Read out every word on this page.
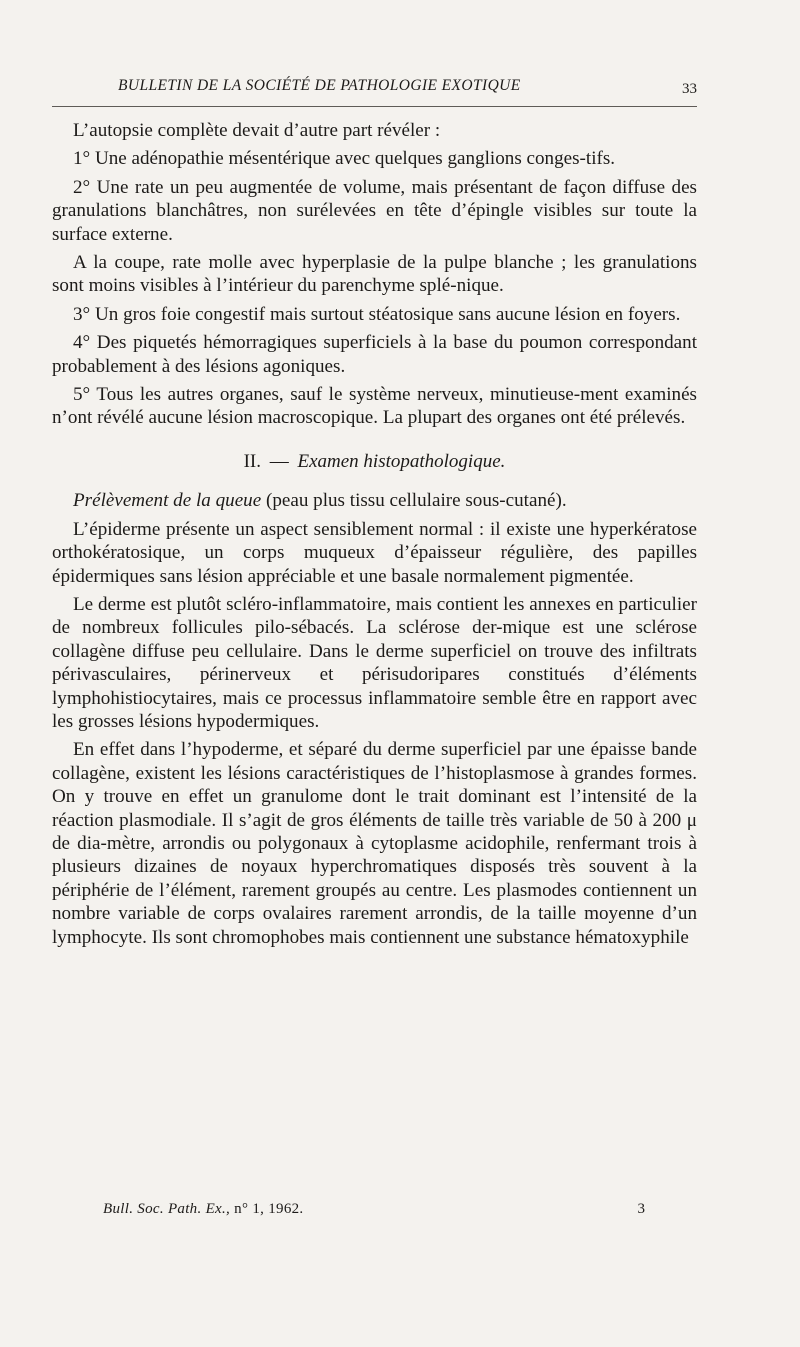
BULLETIN DE LA SOCIÉTÉ DE PATHOLOGIE EXOTIQUE	33

L’autopsie complète devait d’autre part révéler :

1° Une adénopathie mésentérique avec quelques ganglions conges-tifs.

2° Une rate un peu augmentée de volume, mais présentant de façon diffuse des granulations blanchâtres, non surélevées en tête d’épingle visibles sur toute la surface externe.

A la coupe, rate molle avec hyperplasie de la pulpe blanche ; les granulations sont moins visibles à l’intérieur du parenchyme splé-nique.

3° Un gros foie congestif mais surtout stéatosique sans aucune lésion en foyers.

4° Des piquetés hémorragiques superficiels à la base du poumon correspondant probablement à des lésions agoniques.

5° Tous les autres organes, sauf le système nerveux, minutieuse-ment examinés n’ont révélé aucune lésion macroscopique. La plupart des organes ont été prélevés.

II. — Examen histopathologique.

Prélèvement de la queue (peau plus tissu cellulaire sous-cutané).

L’épiderme présente un aspect sensiblement normal : il existe une hyperkératose orthokératosique, un corps muqueux d’épaisseur régulière, des papilles épidermiques sans lésion appréciable et une basale normalement pigmentée.

Le derme est plutôt scléro-inflammatoire, mais contient les annexes en particulier de nombreux follicules pilo-sébacés. La sclérose der-mique est une sclérose collagène diffuse peu cellulaire. Dans le derme superficiel on trouve des infiltrats périvasculaires, périnerveux et périsudoripares constitués d’éléments lymphohistiocytaires, mais ce processus inflammatoire semble être en rapport avec les grosses lésions hypodermiques.

En effet dans l’hypoderme, et séparé du derme superficiel par une épaisse bande collagène, existent les lésions caractéristiques de l’histoplasmose à grandes formes. On y trouve en effet un granulome dont le trait dominant est l’intensité de la réaction plasmodiale. Il s’agit de gros éléments de taille très variable de 50 à 200 μ de dia-mètre, arrondis ou polygonaux à cytoplasme acidophile, renfermant trois à plusieurs dizaines de noyaux hyperchromatiques disposés très souvent à la périphérie de l’élément, rarement groupés au centre. Les plasmodes contiennent un nombre variable de corps ovalaires rarement arrondis, de la taille moyenne d’un lymphocyte. Ils sont chromophobes mais contiennent une substance hématoxyphile

Bull. Soc. Path. Ex., n° 1, 1962.	3
